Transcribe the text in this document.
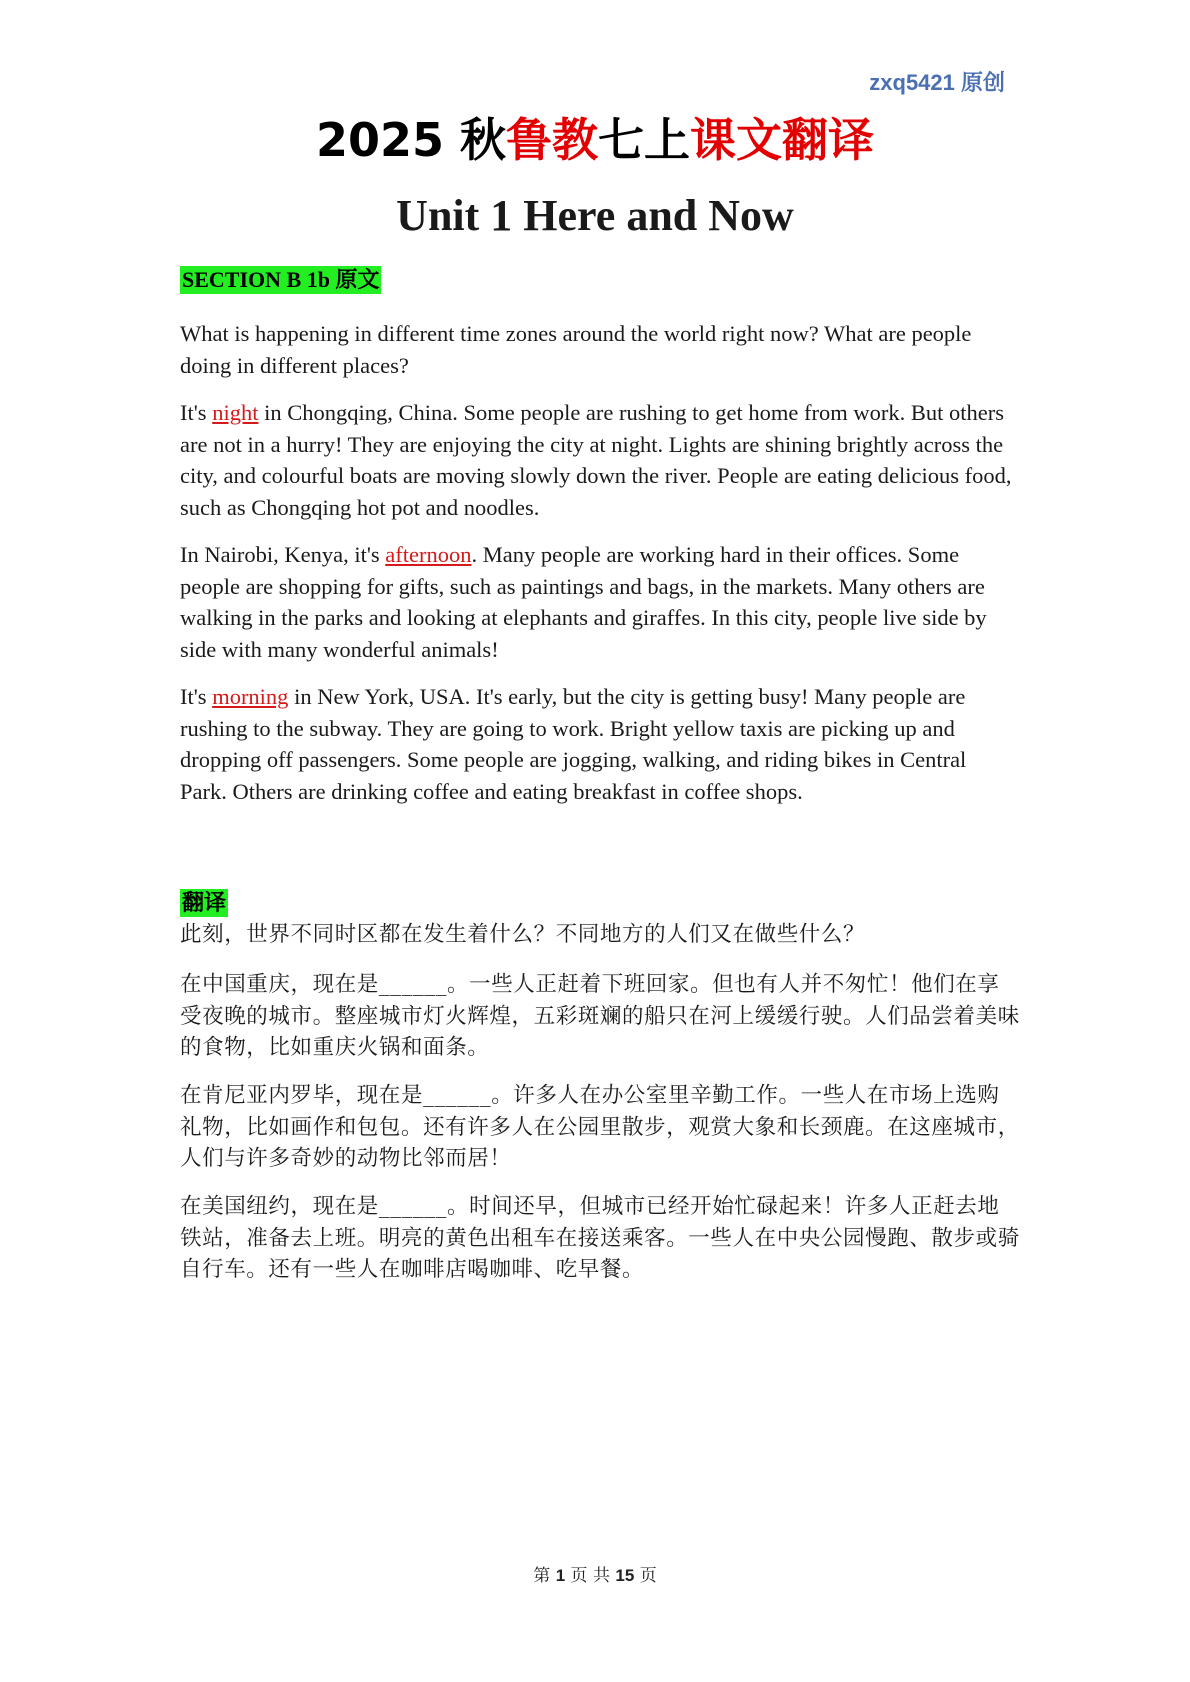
zxq5421 原创
2025 秋鲁教七上课文翻译
Unit 1 Here and Now
SECTION B 1b 原文

What is happening in different time zones around the world right now? What are people doing in different places?

It's night in Chongqing, China. Some people are rushing to get home from work. But others are not in a hurry! They are enjoying the city at night. Lights are shining brightly across the city, and colourful boats are moving slowly down the river. People are eating delicious food, such as Chongqing hot pot and noodles.

In Nairobi, Kenya, it's afternoon. Many people are working hard in their offices. Some people are shopping for gifts, such as paintings and bags, in the markets. Many others are walking in the parks and looking at elephants and giraffes. In this city, people live side by side with many wonderful animals!

It's morning in New York, USA. It's early, but the city is getting busy! Many people are rushing to the subway. They are going to work. Bright yellow taxis are picking up and dropping off passengers. Some people are jogging, walking, and riding bikes in Central Park. Others are drinking coffee and eating breakfast in coffee shops.

翻译

此刻，世界不同时区都在发生着什么？不同地方的人们又在做些什么？

在中国重庆，现在是______。一些人正赶着下班回家。但也有人并不匆忙！他们在享受夜晚的城市。整座城市灯火辉煌，五彩斑斓的船只在河上缓缓行驶。人们品尝着美味的食物，比如重庆火锅和面条。

在肯尼亚内罗毕，现在是______。许多人在办公室里辛勤工作。一些人在市场上选购礼物，比如画作和包包。还有许多人在公园里散步，观赏大象和长颈鹿。在这座城市，人们与许多奇妙的动物比邻而居！

在美国纽约，现在是______。时间还早，但城市已经开始忙碌起来！许多人正赶去地铁站，准备去上班。明亮的黄色出租车在接送乘客。一些人在中央公园慢跑、散步或骑自行车。还有一些人在咖啡店喝咖啡、吃早餐。

第 1 页 共 15 页
